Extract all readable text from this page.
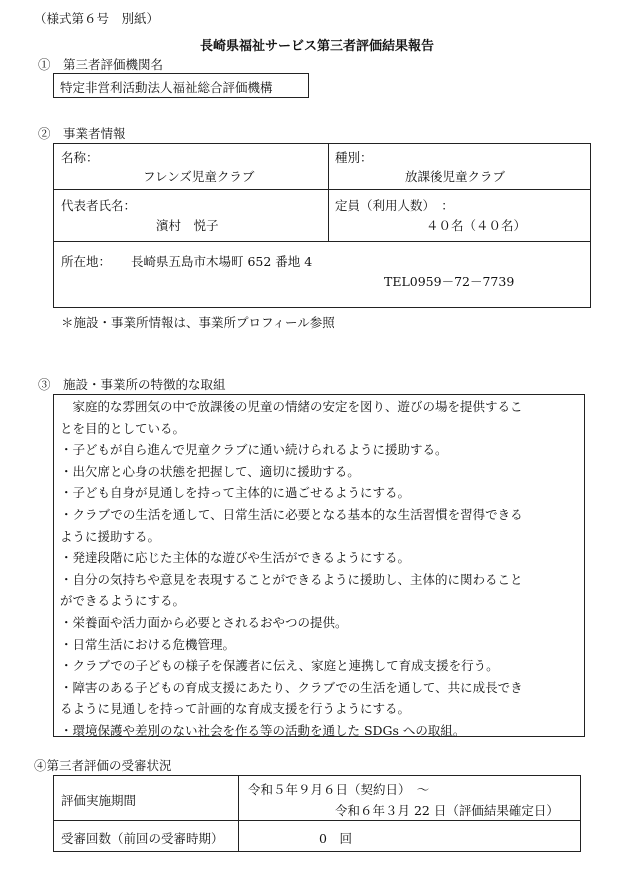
（様式第６号　別紙）
長崎県福祉サービス第三者評価結果報告
①　第三者評価機関名
特定非営利活動法人福祉総合評価機構
②　事業者情報
名称：
フレンズ児童クラブ
種別：
放課後児童クラブ
代表者氏名：
濱村　悦子
定員（利用人数）　：
４０名（４０名）
所在地： 長崎県五島市木場町 652 番地 4
TEL0959－72－7739
＊施設・事業所情報は、事業所プロフィール参照
③　施設・事業所の特徴的な取組
　家庭的な雰囲気の中で放課後の児童の情緒の安定を図り、遊びの場を提供するこ
とを目的としている。
・子どもが自ら進んで児童クラブに通い続けられるように援助する。
・出欠席と心身の状態を把握して、適切に援助する。
・子ども自身が見通しを持って主体的に過ごせるようにする。
・クラブでの生活を通して、日常生活に必要となる基本的な生活習慣を習得できる
ように援助する。
・発達段階に応じた主体的な遊びや生活ができるようにする。
・自分の気持ちや意見を表現することができるように援助し、主体的に関わること
ができるようにする。
・栄養面や活力面から必要とされるおやつの提供。
・日常生活における危機管理。
・クラブでの子どもの様子を保護者に伝え、家庭と連携して育成支援を行う。
・障害のある子どもの育成支援にあたり、クラブでの生活を通して、共に成長でき
るように見通しを持って計画的な育成支援を行うようにする。
・環境保護や差別のない社会を作る等の活動を通した SDGs への取組。
④第三者評価の受審状況
評価実施期間
令和５年９月６日（契約日）　～
令和６年３月 22 日（評価結果確定日）
受審回数（前回の受審時期）	0　回
